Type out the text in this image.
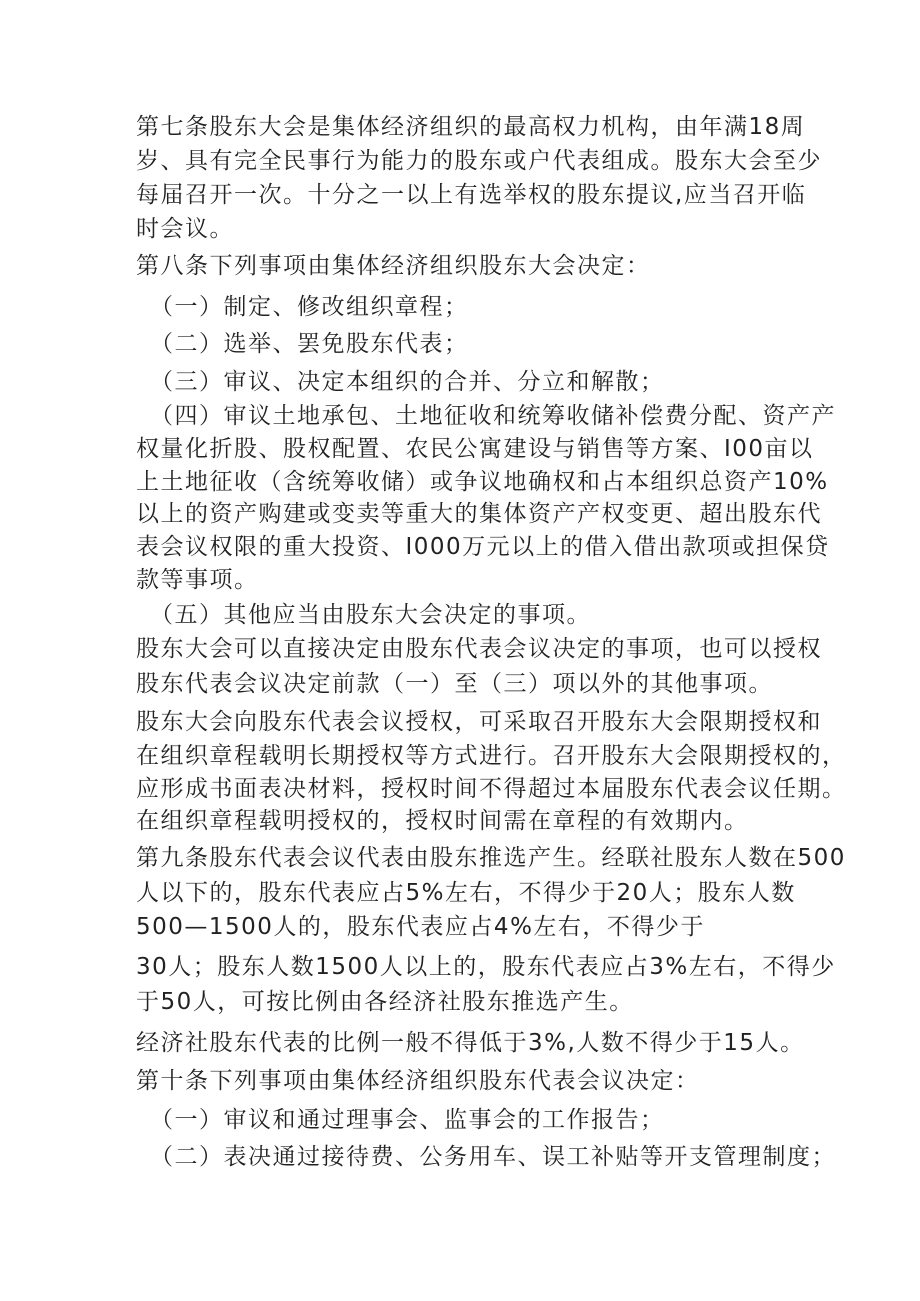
第七条股东大会是集体经济组织的最高权力机构，由年满18周
岁、具有完全民事行为能力的股东或户代表组成。股东大会至少
每届召开一次。十分之一以上有选举权的股东提议,应当召开临
时会议。
第八条下列事项由集体经济组织股东大会决定：
（一）制定、修改组织章程；
（二）选举、罢免股东代表；
（三）审议、决定本组织的合并、分立和解散；
（四）审议土地承包、土地征收和统筹收储补偿费分配、资产产
权量化折股、股权配置、农民公寓建设与销售等方案、I00亩以
上土地征收（含统筹收储）或争议地确权和占本组织总资产10%
以上的资产购建或变卖等重大的集体资产产权变更、超出股东代
表会议权限的重大投资、I000万元以上的借入借出款项或担保贷
款等事项。
（五）其他应当由股东大会决定的事项。
股东大会可以直接决定由股东代表会议决定的事项，也可以授权
股东代表会议决定前款（一）至（三）项以外的其他事项。
股东大会向股东代表会议授权，可采取召开股东大会限期授权和
在组织章程载明长期授权等方式进行。召开股东大会限期授权的，
应形成书面表决材料，授权时间不得超过本届股东代表会议任期。
在组织章程载明授权的，授权时间需在章程的有效期内。
第九条股东代表会议代表由股东推选产生。经联社股东人数在500
人以下的，股东代表应占5%左右，不得少于20人；股东人数
500—1500人的，股东代表应占4%左右，不得少于
30人；股东人数1500人以上的，股东代表应占3%左右，不得少
于50人，可按比例由各经济社股东推选产生。
经济社股东代表的比例一般不得低于3%,人数不得少于15人。
第十条下列事项由集体经济组织股东代表会议决定：
（一）审议和通过理事会、监事会的工作报告；
（二）表决通过接待费、公务用车、误工补贴等开支管理制度；
